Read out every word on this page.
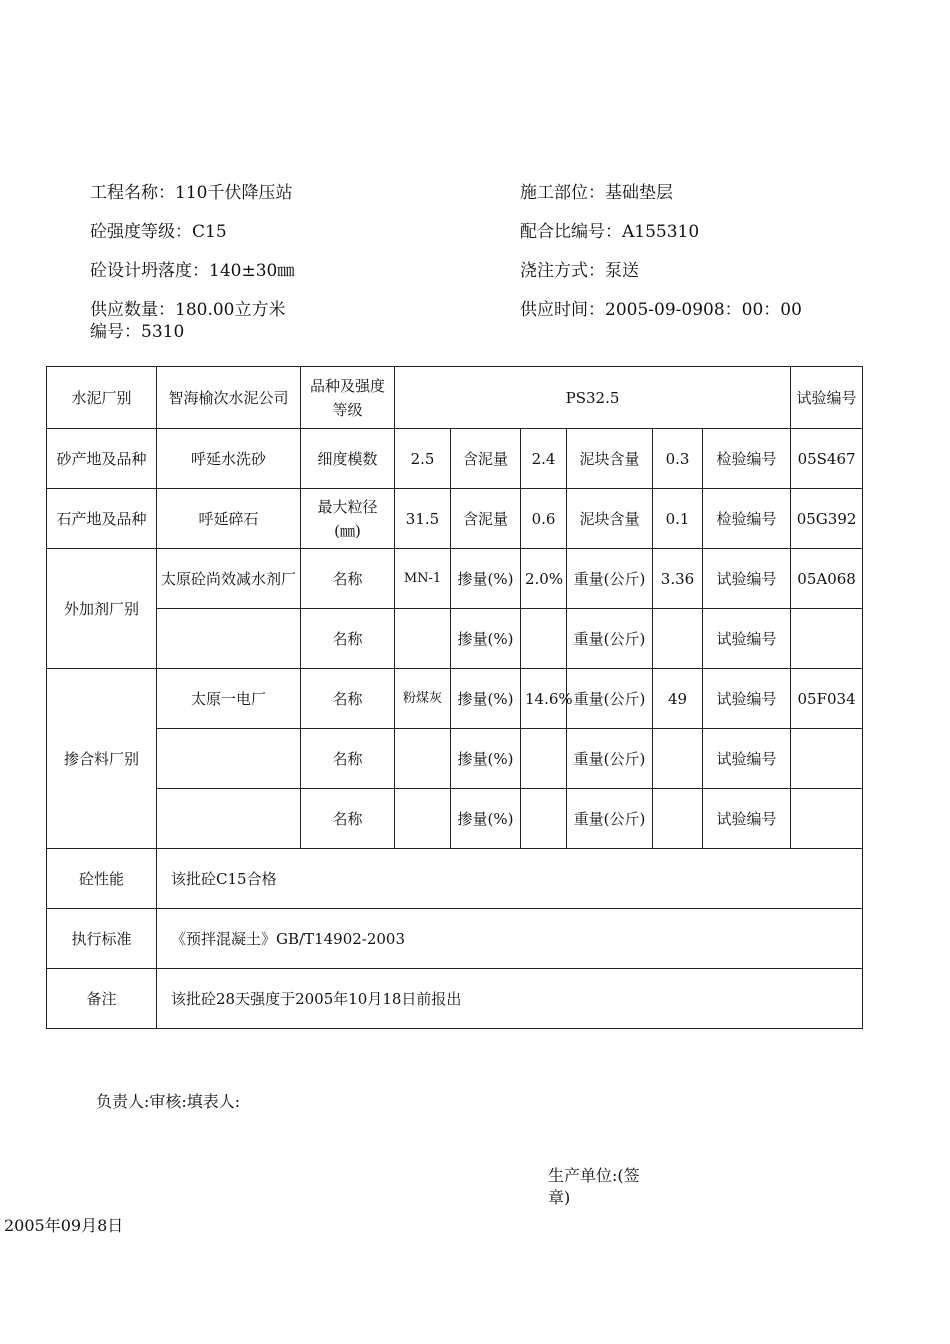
工程名称：110千伏降压站	施工部位：基础垫层
砼强度等级：C15	配合比编号：A155310
砼设计坍落度：140±30㎜	浇注方式：泵送
供应数量：180.00立方米	供应时间：2005-09-0908：00：00
编号：5310
水泥厂别	智海榆次水泥公司	品种及强度等级	PS32.5						试验编号	
砂产地及品种	呼延水洗砂	细度模数	2.5	含泥量	2.4	泥块含量	0.3	检验编号	05S467	
石产地及品种	呼延碎石	最大粒径(㎜)	31.5	含泥量	0.6	泥块含量	0.1	检验编号	05G392	
外加剂厂别	太原砼尚效减水剂厂	名称	MN-1	掺量(%)	2.0%	重量(公斤)	3.36	试验编号	05A068	
		名称		掺量(%)		重量(公斤)		试验编号		
掺合料厂别	太原一电厂	名称	粉煤灰	掺量(%)	14.6%	重量(公斤)	49	试验编号	05F034	
		名称		掺量(%)		重量(公斤)		试验编号		
		名称		掺量(%)		重量(公斤)		试验编号		
砼性能	该批砼C15合格									
执行标准	《预拌混凝土》GB/T14902-2003									
备注	该批砼28天强度于2005年10月18日前报出									
负责人:审核:填表人:
生产单位:(签章)
2005年09月8日
